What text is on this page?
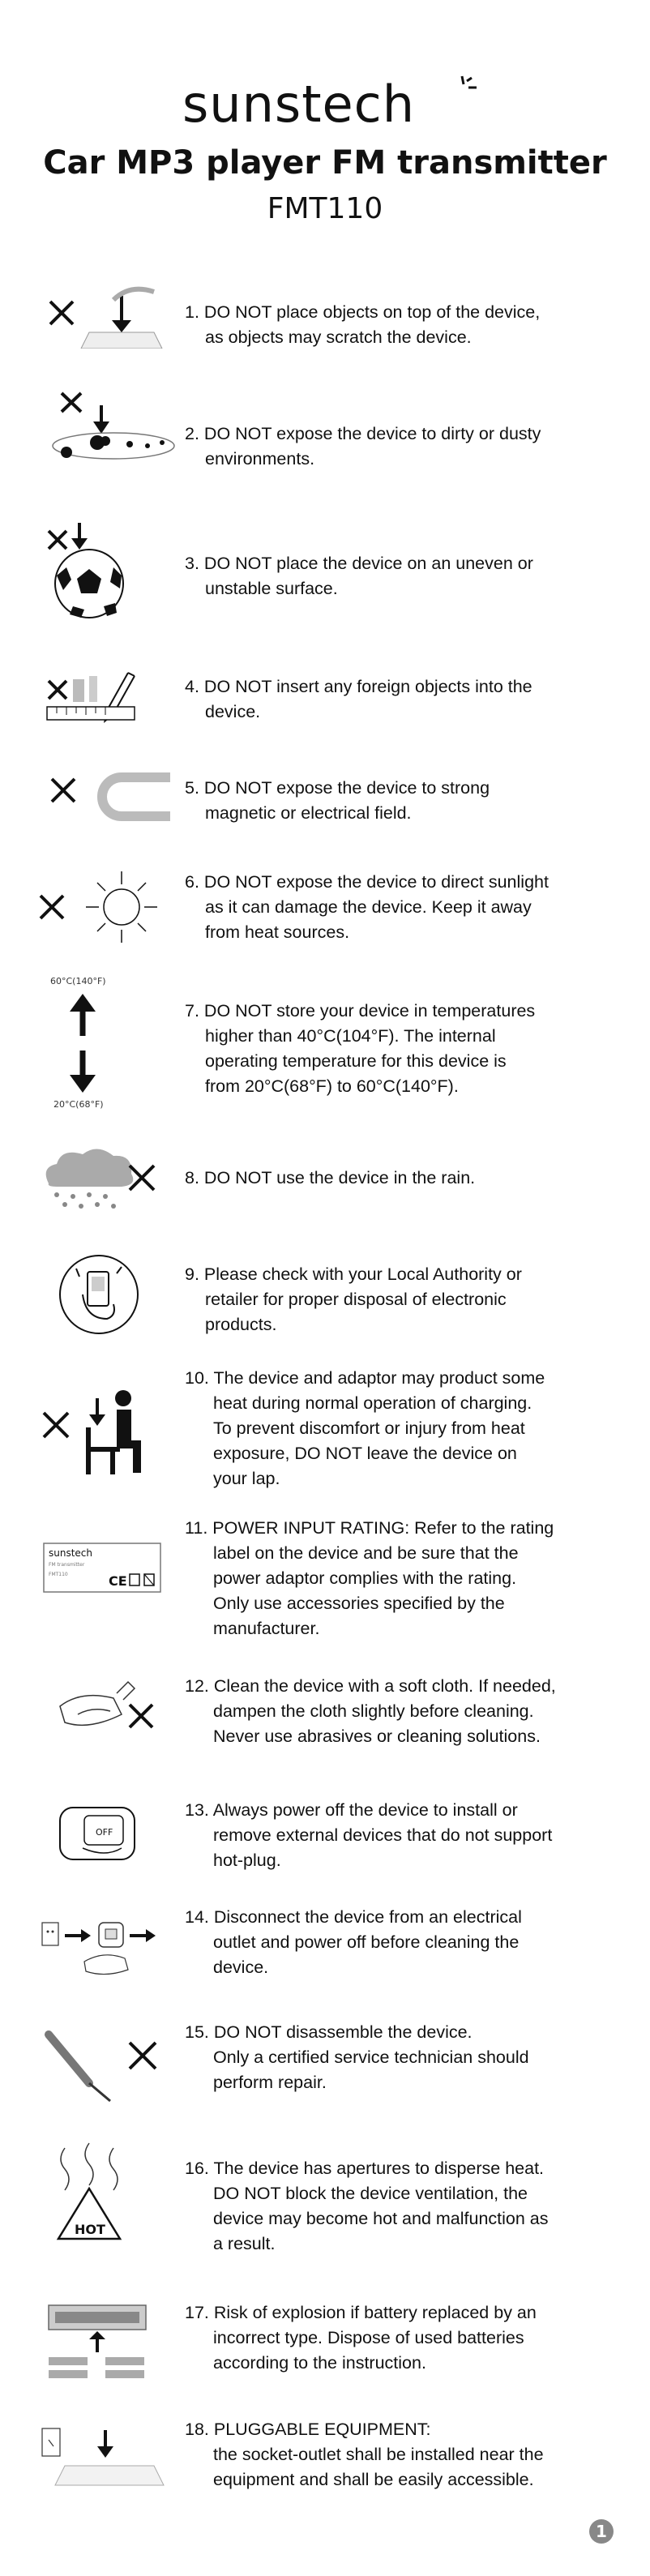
sunstech
Car MP3 player FM transmitter
FMT110
1. DO NOT place objects on top of the device,
as objects may scratch the device.
2. DO NOT expose the device to dirty or dusty
environments.
3. DO NOT place the device on an uneven or
unstable surface.
4. DO NOT insert any foreign objects into the
device.
5. DO NOT expose the device to strong
magnetic or electrical field.
6. DO NOT expose the device to direct sunlight
as it can damage the device. Keep it away
from heat sources.
60°C(140°F)
20°C(68°F)
7. DO NOT store your device in temperatures
higher than 40°C(104°F). The internal
operating temperature for this device is
from 20°C(68°F) to 60°C(140°F).
8. DO NOT use the device in the rain.
9. Please check with your Local Authority or
retailer for proper disposal of electronic
products.
10. The device and adaptor may product some
heat during normal operation of charging.
To prevent discomfort or injury from heat
exposure, DO NOT leave the device on
your lap.
sunstech
FM transmitter
FMT110	CE
11. POWER INPUT RATING: Refer to the rating
label on the device and be sure that the
power adaptor complies with the rating.
Only use accessories specified by the
manufacturer.
12. Clean the device with a soft cloth. If needed,
dampen the cloth slightly before cleaning.
Never use abrasives or cleaning solutions.
OFF
13. Always power off the device to install or
remove external devices that do not support
hot-plug.
14. Disconnect the device from an electrical
outlet and power off before cleaning the
device.
15. DO NOT disassemble the device.
Only a certified service technician should
perform repair.
HOT
16. The device has apertures to disperse heat.
DO NOT block the device ventilation, the
device may become hot and malfunction as
a result.
17. Risk of explosion if battery replaced by an
incorrect type. Dispose of used batteries
according to the instruction.
18. PLUGGABLE EQUIPMENT:
the socket-outlet shall be installed near the
equipment and shall be easily accessible.
1
